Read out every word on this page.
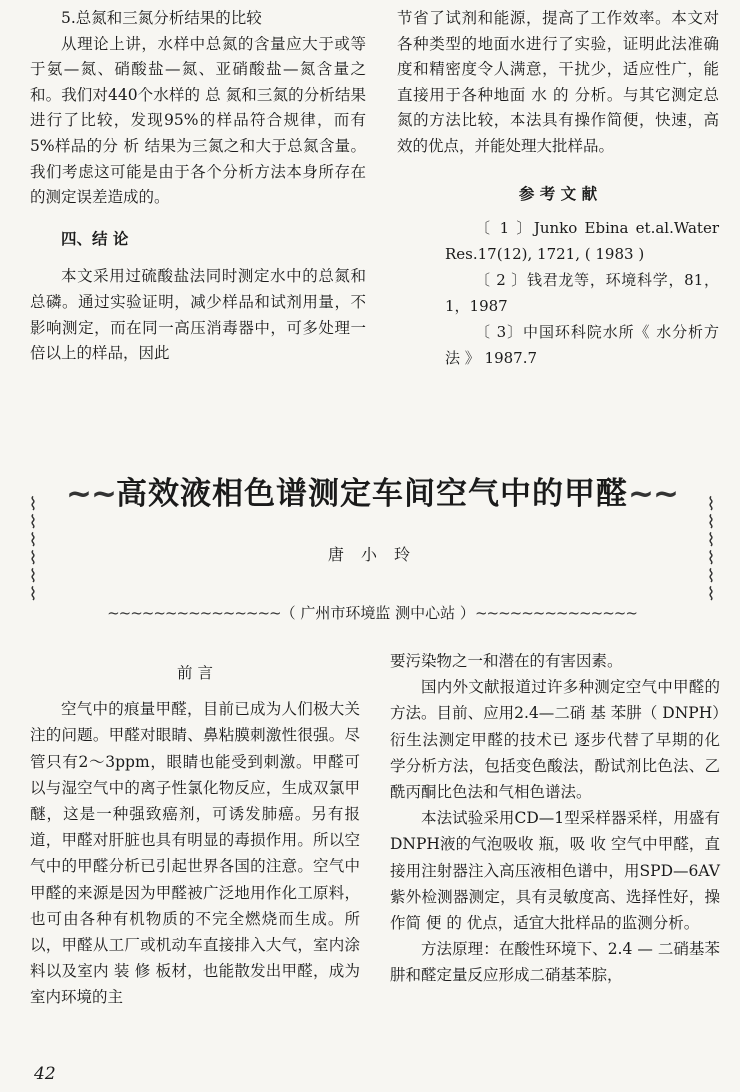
5.总氮和三氮分析结果的比较

从理论上讲，水样中总氮的含量应大于或等于氨—氮、硝酸盐—氮、亚硝酸盐—氮含量之和。我们对440个水样的 总 氮和三氮的分析结果进行了比较，发现95%的样品符合规律，而有5%样品的分 析 结果为三氮之和大于总氮含量。我们考虑这可能是由于各个分析方法本身所存在的测定误差造成的。

四、结 论

本文采用过硫酸盐法同时测定水中的总氮和总磷。通过实验证明，减少样品和试剂用量，不影响测定，而在同一高压消毒器中，可多处理一倍以上的样品，因此

节省了试剂和能源，提高了工作效率。本文对各种类型的地面水进行了实验，证明此法准确度和精密度令人满意，干扰少，适应性广，能直接用于各种地面 水 的 分析。与其它测定总氮的方法比较，本法具有操作简便，快速，高效的优点，并能处理大批样品。

参 考 文 献

〔 1 〕Junko Ebina et.al.Water Res.17(12), 1721, ( 1983 )

〔 2 〕钱君龙等，环境科学，81，1，1987

〔 3〕中国环科院水所《 水分析方法 》 1987.7

~~高效液相色谱测定车间空气中的甲醛~~
⌇
⌇
⌇
⌇
⌇
⌇
⌇
⌇
⌇
⌇
⌇
⌇
唐 小 玲
~~~~~~~~~~~~~~~（ 广州市环境监 测中心站 ）~~~~~~~~~~~~~~
前 言

空气中的痕量甲醛，目前已成为人们极大关注的问题。甲醛对眼睛、鼻粘膜刺激性很强。尽管只有2～3ppm，眼睛也能受到刺激。甲醛可以与湿空气中的离子性氯化物反应，生成双氯甲醚，这是一种强致癌剂，可诱发肺癌。另有报道，甲醛对肝脏也具有明显的毒损作用。所以空气中的甲醛分析已引起世界各国的注意。空气中甲醛的来源是因为甲醛被广泛地用作化工原料，也可由各种有机物质的不完全燃烧而生成。所以，甲醛从工厂或机动车直接排入大气，室内涂料以及室内 装 修 板材，也能散发出甲醛，成为室内环境的主

要污染物之一和潜在的有害因素。

国内外文献报道过许多种测定空气中甲醛的方法。目前、应用2.4—二硝 基 苯肼（ DNPH）衍生法测定甲醛的技术已 逐步代替了早期的化学分析方法，包括变色酸法，酚试剂比色法、乙酰丙酮比色法和气相色谱法。

本法试验采用CD—1型采样器采样，用盛有DNPH液的气泡吸收 瓶，吸 收 空气中甲醛，直接用注射器注入高压液相色谱中，用SPD—6AV紫外检测器测定，具有灵敏度高、选择性好，操作简 便 的 优点，适宜大批样品的监测分析。

方法原理：在酸性环境下、2.4 — 二硝基苯肼和醛定量反应形成二硝基苯腙，

42
